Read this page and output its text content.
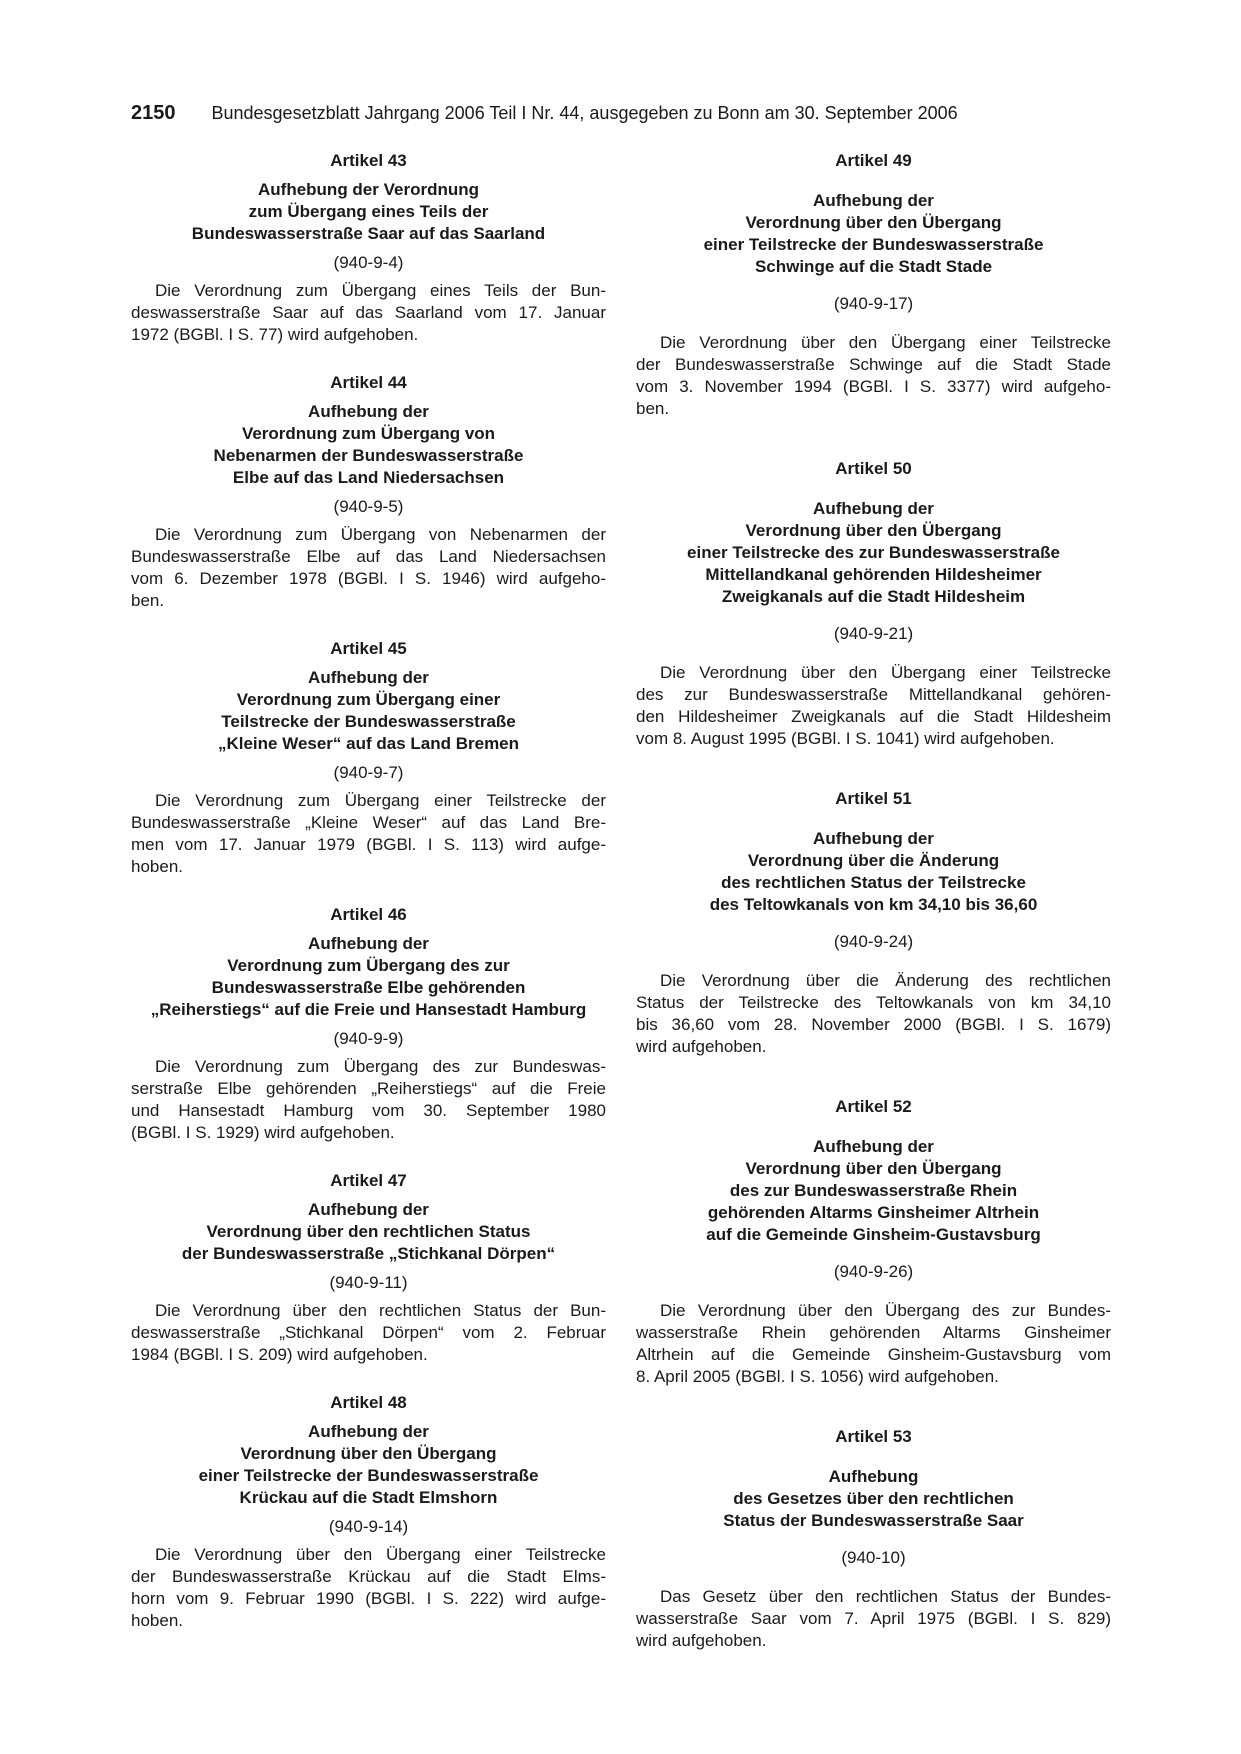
2150 Bundesgesetzblatt Jahrgang 2006 Teil I Nr. 44, ausgegeben zu Bonn am 30. September 2006

Artikel 43

Aufhebung der Verordnung
zum Übergang eines Teils der
Bundeswasserstraße Saar auf das Saarland

(940-9-4)

Die Verordnung zum Übergang eines Teils der Bun-
deswasserstraße Saar auf das Saarland vom 17. Januar
1972 (BGBl. I S. 77) wird aufgehoben.

Artikel 44

Aufhebung der
Verordnung zum Übergang von
Nebenarmen der Bundeswasserstraße
Elbe auf das Land Niedersachsen

(940-9-5)

Die Verordnung zum Übergang von Nebenarmen der
Bundeswasserstraße Elbe auf das Land Niedersachsen
vom 6. Dezember 1978 (BGBl. I S. 1946) wird aufgeho-
ben.

Artikel 45

Aufhebung der
Verordnung zum Übergang einer
Teilstrecke der Bundeswasserstraße
„Kleine Weser“ auf das Land Bremen

(940-9-7)

Die Verordnung zum Übergang einer Teilstrecke der
Bundeswasserstraße „Kleine Weser“ auf das Land Bre-
men vom 17. Januar 1979 (BGBl. I S. 113) wird aufge-
hoben.

Artikel 46

Aufhebung der
Verordnung zum Übergang des zur
Bundeswasserstraße Elbe gehörenden
„Reiherstiegs“ auf die Freie und Hansestadt Hamburg

(940-9-9)

Die Verordnung zum Übergang des zur Bundeswas-
serstraße Elbe gehörenden „Reiherstiegs“ auf die Freie
und Hansestadt Hamburg vom 30. September 1980
(BGBl. I S. 1929) wird aufgehoben.

Artikel 47

Aufhebung der
Verordnung über den rechtlichen Status
der Bundeswasserstraße „Stichkanal Dörpen“

(940-9-11)

Die Verordnung über den rechtlichen Status der Bun-
deswasserstraße „Stichkanal Dörpen“ vom 2. Februar
1984 (BGBl. I S. 209) wird aufgehoben.

Artikel 48

Aufhebung der
Verordnung über den Übergang
einer Teilstrecke der Bundeswasserstraße
Krückau auf die Stadt Elmshorn

(940-9-14)

Die Verordnung über den Übergang einer Teilstrecke
der Bundeswasserstraße Krückau auf die Stadt Elms-
horn vom 9. Februar 1990 (BGBl. I S. 222) wird aufge-
hoben.

Artikel 49

Aufhebung der
Verordnung über den Übergang
einer Teilstrecke der Bundeswasserstraße
Schwinge auf die Stadt Stade

(940-9-17)

Die Verordnung über den Übergang einer Teilstrecke
der Bundeswasserstraße Schwinge auf die Stadt Stade
vom 3. November 1994 (BGBl. I S. 3377) wird aufgeho-
ben.

Artikel 50

Aufhebung der
Verordnung über den Übergang
einer Teilstrecke des zur Bundeswasserstraße
Mittellandkanal gehörenden Hildesheimer
Zweigkanals auf die Stadt Hildesheim

(940-9-21)

Die Verordnung über den Übergang einer Teilstrecke
des zur Bundeswasserstraße Mittellandkanal gehören-
den Hildesheimer Zweigkanals auf die Stadt Hildesheim
vom 8. August 1995 (BGBl. I S. 1041) wird aufgehoben.

Artikel 51

Aufhebung der
Verordnung über die Änderung
des rechtlichen Status der Teilstrecke
des Teltowkanals von km 34,10 bis 36,60

(940-9-24)

Die Verordnung über die Änderung des rechtlichen
Status der Teilstrecke des Teltowkanals von km 34,10
bis 36,60 vom 28. November 2000 (BGBl. I S. 1679)
wird aufgehoben.

Artikel 52

Aufhebung der
Verordnung über den Übergang
des zur Bundeswasserstraße Rhein
gehörenden Altarms Ginsheimer Altrhein
auf die Gemeinde Ginsheim-Gustavsburg

(940-9-26)

Die Verordnung über den Übergang des zur Bundes-
wasserstraße Rhein gehörenden Altarms Ginsheimer
Altrhein auf die Gemeinde Ginsheim-Gustavsburg vom
8. April 2005 (BGBl. I S. 1056) wird aufgehoben.

Artikel 53

Aufhebung
des Gesetzes über den rechtlichen
Status der Bundeswasserstraße Saar

(940-10)

Das Gesetz über den rechtlichen Status der Bundes-
wasserstraße Saar vom 7. April 1975 (BGBl. I S. 829)
wird aufgehoben.
